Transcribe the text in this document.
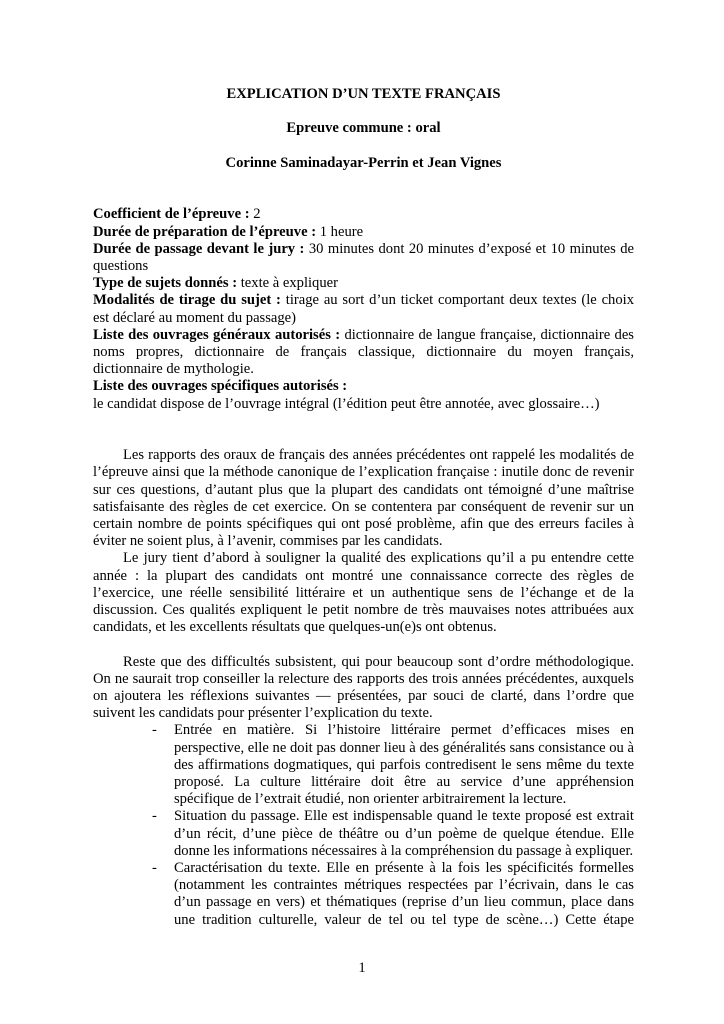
EXPLICATION D’UN TEXTE FRANÇAIS

Epreuve commune : oral

Corinne Saminadayar-Perrin et Jean Vignes

Coefficient de l’épreuve : 2

Durée de préparation de l’épreuve : 1 heure

Durée de passage devant le jury : 30 minutes dont 20 minutes d’exposé et 10 minutes de questions

Type de sujets donnés : texte à expliquer

Modalités de tirage du sujet : tirage au sort d’un ticket comportant deux textes (le choix est déclaré au moment du passage)

Liste des ouvrages généraux autorisés : dictionnaire de langue française, dictionnaire des noms propres, dictionnaire de français classique, dictionnaire du moyen français, dictionnaire de mythologie.

Liste des ouvrages spécifiques autorisés :

le candidat dispose de l’ouvrage intégral (l’édition peut être annotée, avec glossaire…)

Les rapports des oraux de français des années précédentes ont rappelé les modalités de l’épreuve ainsi que la méthode canonique de l’explication française : inutile donc de revenir sur ces questions, d’autant plus que la plupart des candidats ont témoigné d’une maîtrise satisfaisante des règles de cet exercice. On se contentera par conséquent de revenir sur un certain nombre de points spécifiques qui ont posé problème, afin que des erreurs faciles à éviter ne soient plus, à l’avenir, commises par les candidats.

Le jury tient d’abord à souligner la qualité des explications qu’il a pu entendre cette année : la plupart des candidats ont montré une connaissance correcte des règles de l’exercice, une réelle sensibilité littéraire et un authentique sens de l’échange et de la discussion. Ces qualités expliquent le petit nombre de très mauvaises notes attribuées aux candidats, et les excellents résultats que quelques-un(e)s ont obtenus.

Reste que des difficultés subsistent, qui pour beaucoup sont d’ordre méthodologique. On ne saurait trop conseiller la relecture des rapports des trois années précédentes, auxquels on ajoutera les réflexions suivantes — présentées, par souci de clarté, dans l’ordre que suivent les candidats pour présenter l’explication du texte.

- Entrée en matière. Si l’histoire littéraire permet d’efficaces mises en perspective, elle ne doit pas donner lieu à des généralités sans consistance ou à des affirmations dogmatiques, qui parfois contredisent le sens même du texte proposé. La culture littéraire doit être au service d’une appréhension spécifique de l’extrait étudié, non orienter arbitrairement la lecture.
- Situation du passage. Elle est indispensable quand le texte proposé est extrait d’un récit, d’une pièce de théâtre ou d’un poème de quelque étendue. Elle donne les informations nécessaires à la compréhension du passage à expliquer.
- Caractérisation du texte. Elle en présente à la fois les spécificités formelles (notamment les contraintes métriques respectées par l’écrivain, dans le cas d’un passage en vers) et thématiques (reprise d’un lieu commun, place dans une tradition culturelle, valeur de tel ou tel type de scène…) Cette étape
1
